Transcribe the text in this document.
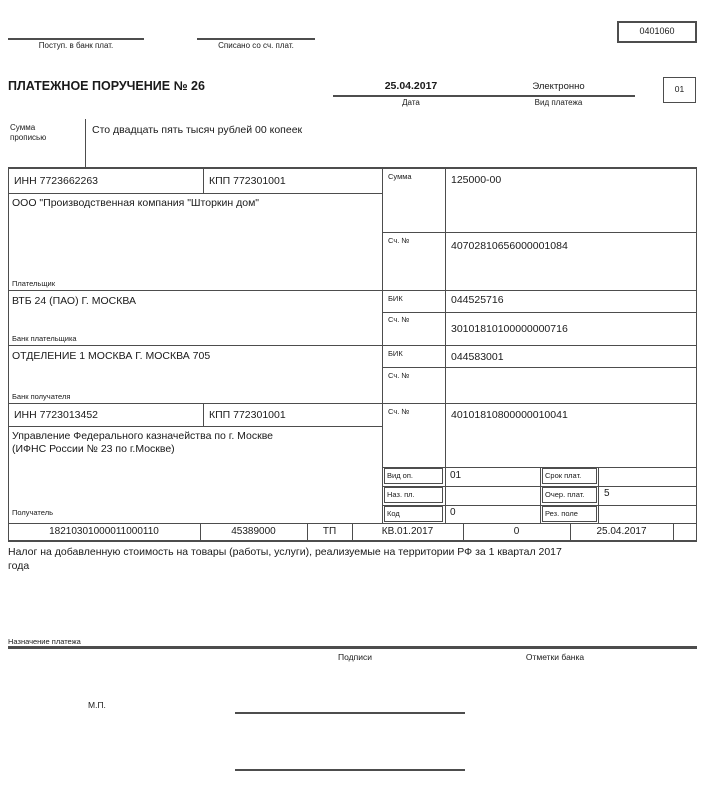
0401060
Поступ. в банк плат.	Списано со сч. плат.
ПЛАТЕЖНОЕ ПОРУЧЕНИЕ № 26	25.04.2017
Дата
Электронно
Вид платежа
01
Сумма прописью
Сто двадцать пять тысяч рублей 00 копеек
ИНН 7723662263	КПП 772301001
ООО "Производственная компания "Шторкин дом"
Плательщик
Сумма	125000-00
Сч. №	40702810656000001084
ВТБ 24 (ПАО) Г. МОСКВА
Банк плательщика
БИК	044525716
Сч. №
30101810100000000716
ОТДЕЛЕНИЕ 1 МОСКВА Г. МОСКВА 705
Банк получателя
БИК	044583001
Сч. №
ИНН 7723013452	КПП 772301001
Управление Федерального казначейства по г. Москве
(ИФНС России № 23 по г.Москве)
Получатель
Сч. №	40101810800000010041
Вид оп.	01
Наз. пл.
Код	0
Срок плат.
Очер. плат. 5
Рез. поле
18210301000011000110	45389000	ТП	КВ.01.2017	0	25.04.2017
Налог на добавленную стоимость на товары (работы, услуги), реализуемые на территории РФ за 1 квартал 2017 года
Назначение платежа
Подписи	Отметки банка
М.П.
